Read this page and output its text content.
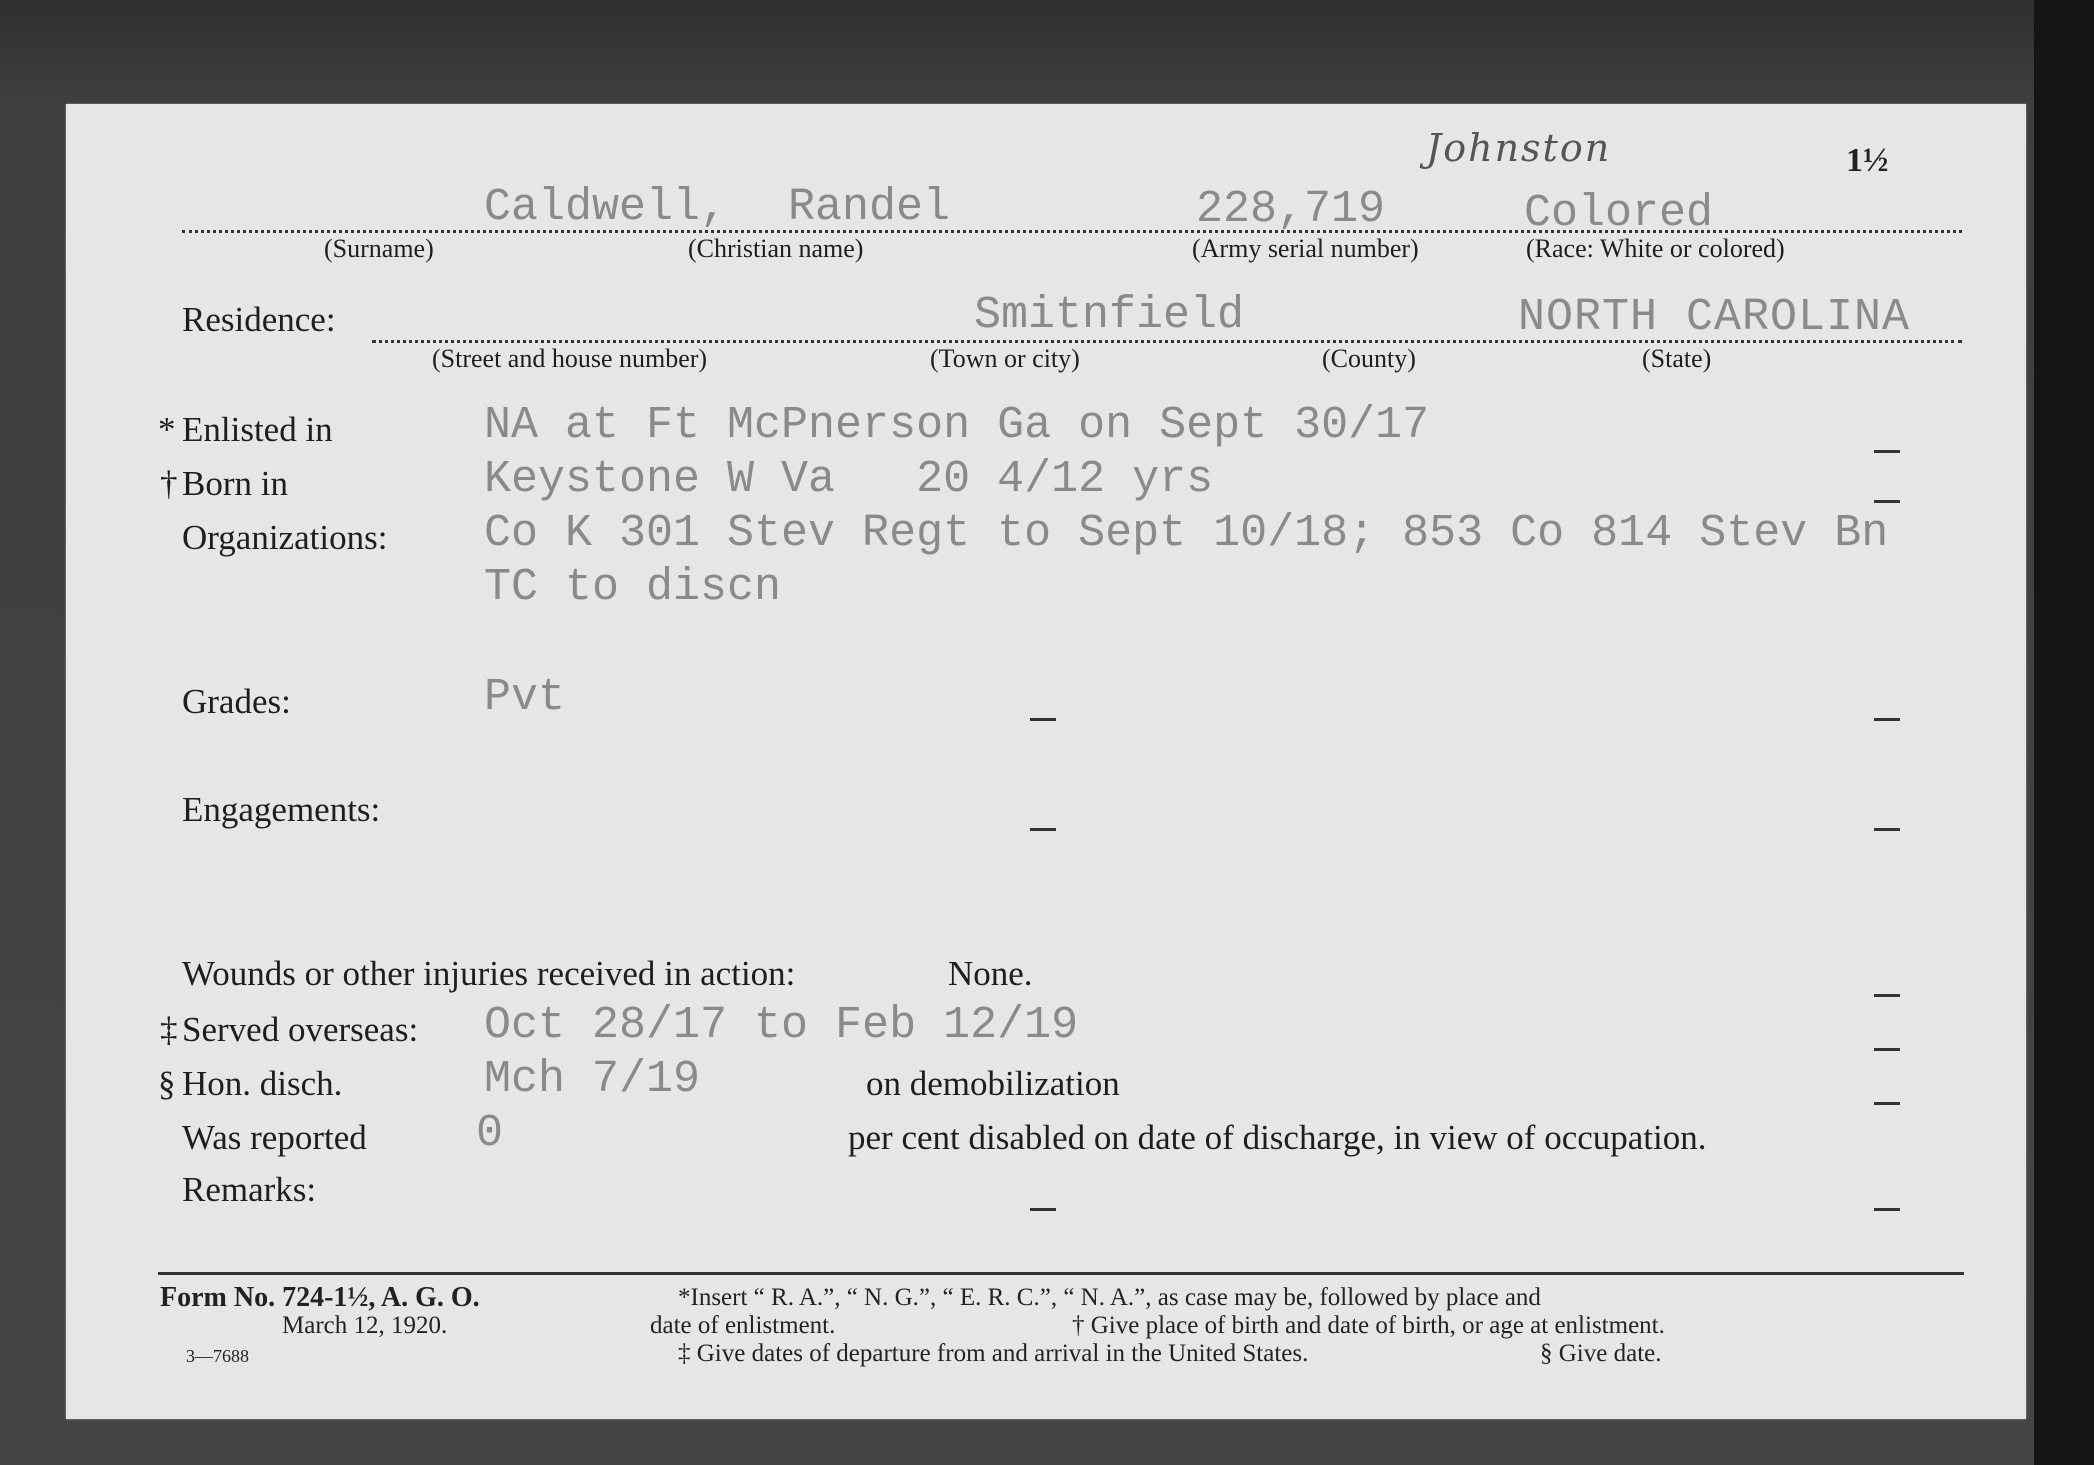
1½
Johnston
Caldwell, Randel	228,719	Colored
(Surname)	(Christian name)	(Army serial number)	(Race: White or colored)
Residence:	Smitnfield	NORTH CAROLINA
(Street and house number)	(Town or city)	(County)	(State)
* Enlisted in	NA at Ft McPnerson Ga on Sept 30/17
† Born in	Keystone W Va   20 4/12 yrs
Organizations: Co K 301 Stev Regt to Sept 10/18; 853 Co 814 Stev Bn
TC to discn
Grades:	Pvt
Engagements:
Wounds or other injuries received in action:	None.
‡ Served overseas: Oct 28/17 to Feb 12/19
§ Hon. disch.	Mch 7/19	on demobilization
Was reported 0	per cent disabled on date of discharge, in view of occupation.
Remarks:
Form No. 724-1½, A. G. O.
March 12, 1920.
3—7688
*Insert “ R. A.”, “ N. G.”, “ E. R. C.”, “ N. A.”, as case may be, followed by place and
date of enlistment.	† Give place of birth and date of birth, or age at enlistment.
‡ Give dates of departure from and arrival in the United States.	§ Give date.
